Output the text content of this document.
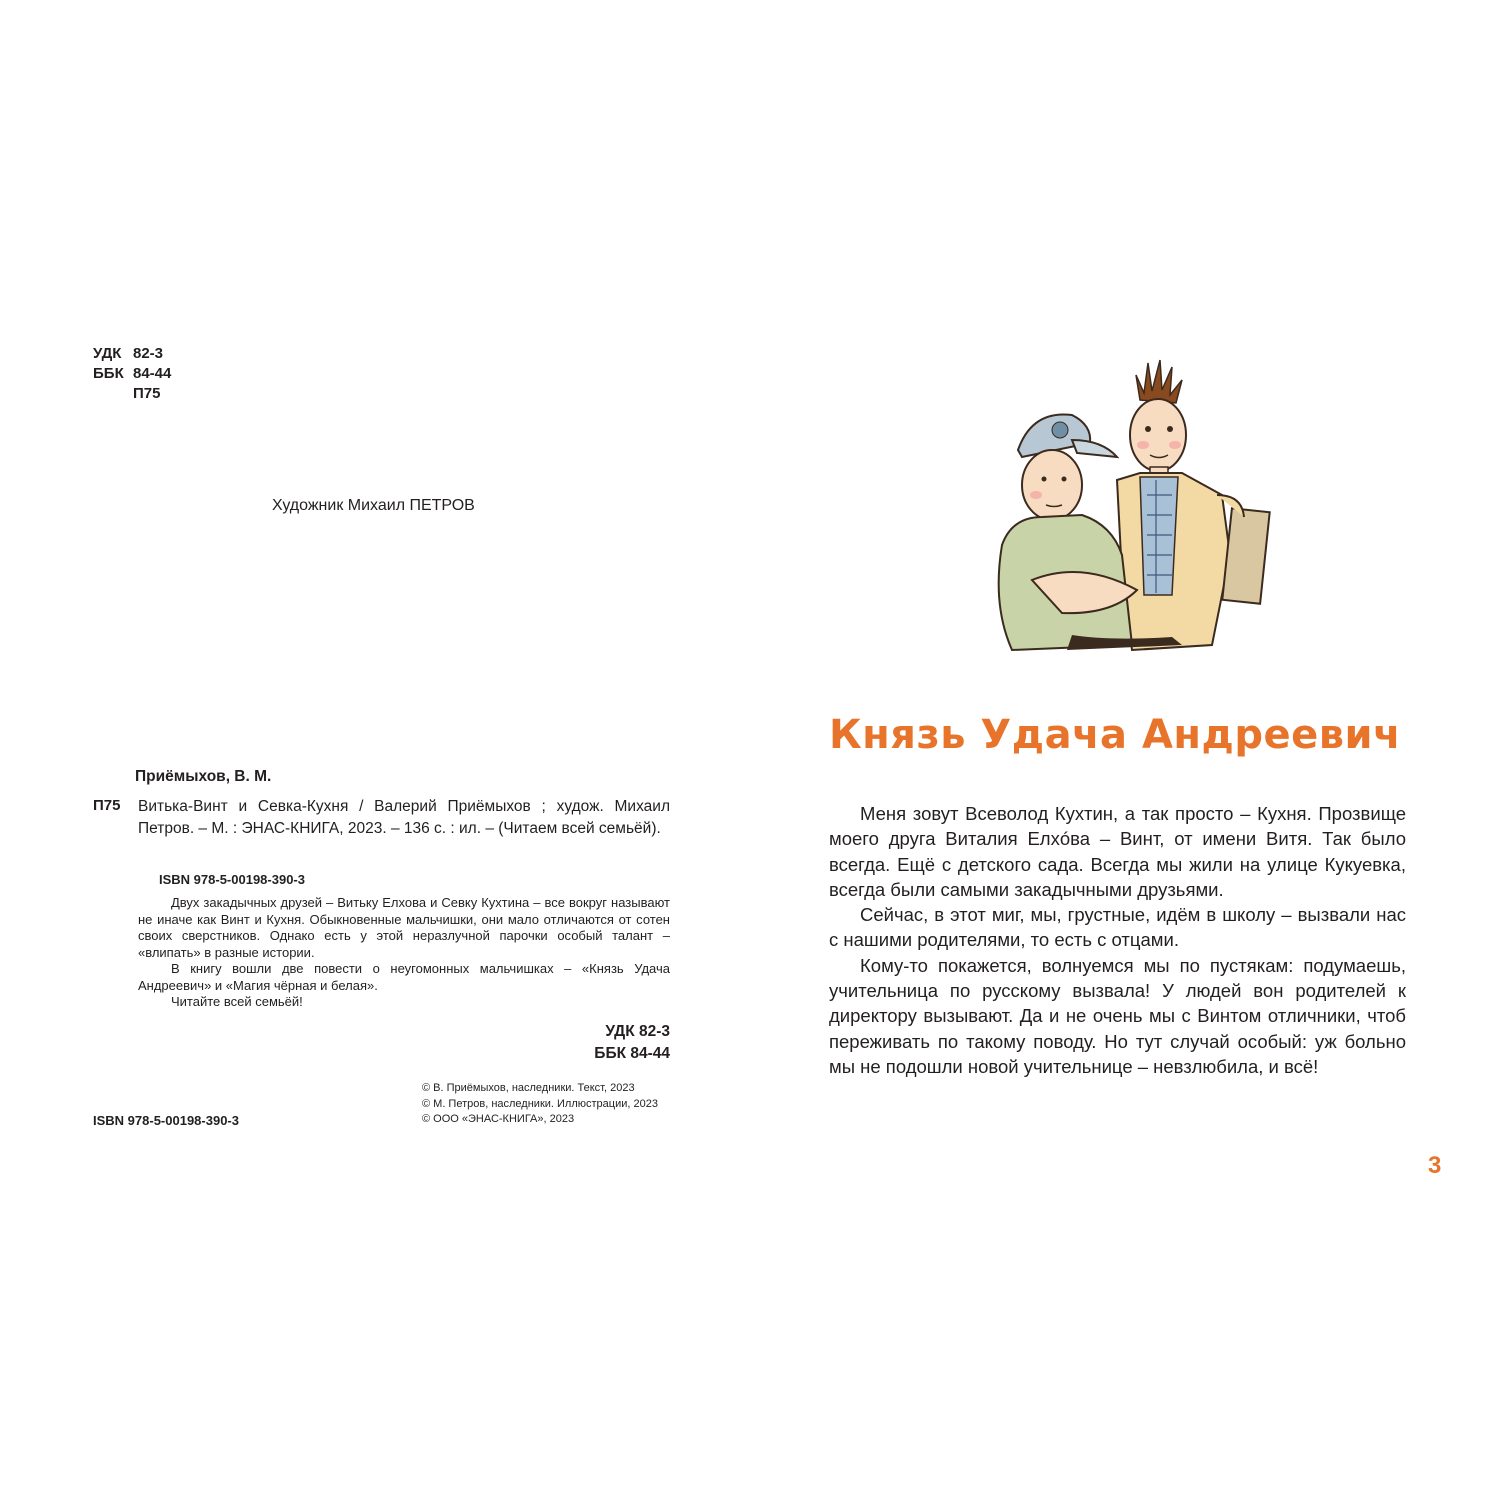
УДК 82-3
ББК 84-44
П75
Художник Михаил ПЕТРОВ
Приёмыхов, В. М.
П75 Витька-Винт и Севка-Кухня / Валерий Приёмыхов ; худож. Михаил Петров. – М. : ЭНАС-КНИГА, 2023. – 136 с. : ил. – (Читаем всей семьёй).
ISBN 978-5-00198-390-3

Двух закадычных друзей – Витьку Елхова и Севку Кухтина – все вокруг называют не иначе как Винт и Кухня. Обыкновенные мальчишки, они мало отличаются от сотен своих сверстников. Однако есть у этой неразлучной парочки особый талант – «влипать» в разные истории.

В книгу вошли две повести о неугомонных мальчишках – «Князь Удача Андреевич» и «Магия чёрная и белая».

Читайте всей семьёй!

УДК 82-3
ББК 84-44
© В. Приёмыхов, наследники. Текст, 2023
© М. Петров, наследники. Иллюстрации, 2023
© ООО «ЭНАС-КНИГА», 2023
ISBN 978-5-00198-390-3
Князь Удача Андреевич

Меня зовут Всеволод Кухтин, а так просто – Кухня. Прозвище моего друга Виталия Елхóва – Винт, от имени Витя. Так было всегда. Ещё с детского сада. Всегда мы жили на улице Кукуевка, всегда были самыми закадычными друзьями.

Сейчас, в этот миг, мы, грустные, идём в школу – вызвали нас с нашими родителями, то есть с отцами.

Кому-то покажется, волнуемся мы по пустякам: подумаешь, учительница по русскому вызвала! У людей вон родителей к директору вызывают. Да и не очень мы с Винтом отличники, чтоб переживать по такому поводу. Но тут случай особый: уж больно мы не подошли новой учительнице – невзлюбила, и всё!

3
